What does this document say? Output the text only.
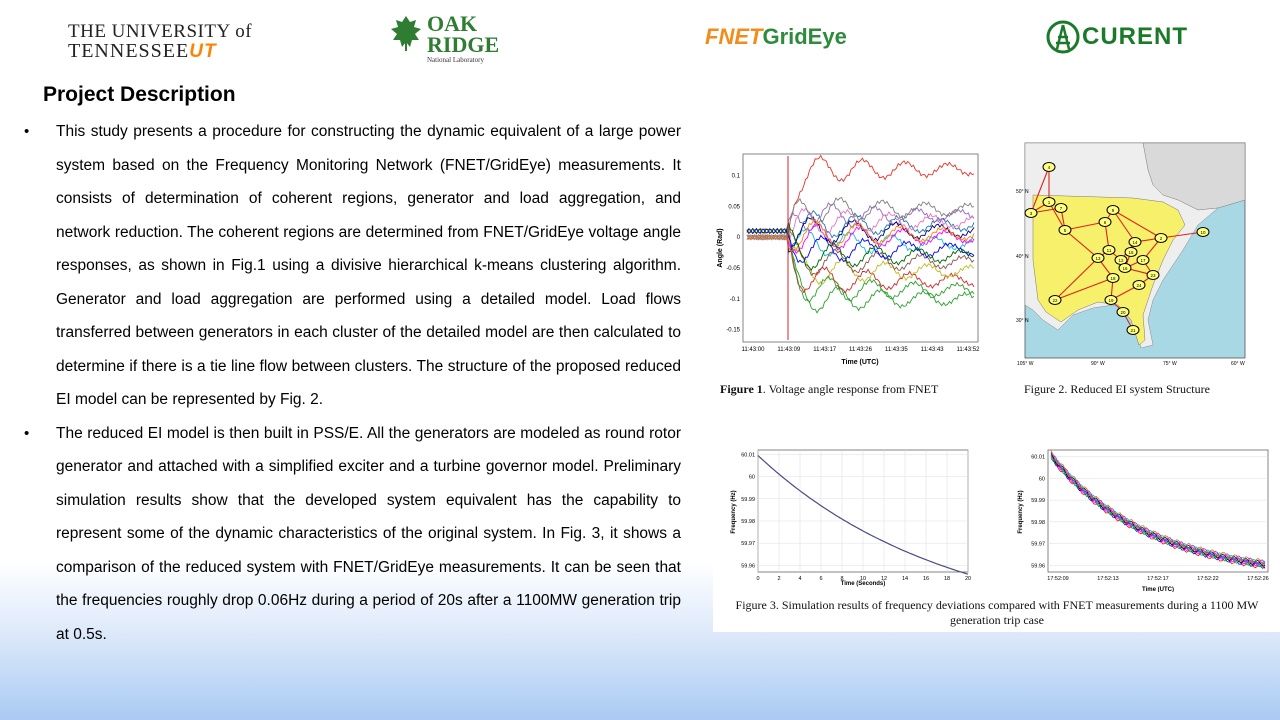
THE UNIVERSITY of
TENNESSEEUT
OAK
RIDGE
National Laboratory
FNETGridEye	CURENT
Project Description
•	This study presents a procedure for constructing the dynamic equivalent of a large power system based on the Frequency Monitoring Network (FNET/GridEye) measurements. It consists of determination of coherent regions, generator and load aggregation, and network reduction. The coherent regions are determined from FNET/GridEye voltage angle responses, as shown in Fig.1 using a divisive hierarchical k-means clustering algorithm. Generator and load aggregation are performed using a detailed model. Load flows transferred between generators in each cluster of the detailed model are then calculated to determine if there is a tie line flow between clusters. The structure of the proposed reduced EI model can be represented by Fig. 2.

•	The reduced EI model is then built in PSS/E. All the generators are modeled as round rotor generator and attached with a simplified exciter and a turbine governor model. Preliminary simulation results show that the developed system equivalent has the capability to represent some of the dynamic characteristics of the original system. In Fig. 3, it shows a comparison of the reduced system with FNET/GridEye measurements. It can be seen that the frequencies roughly drop 0.06Hz during a period of 20s after a 1100MW generation trip at 0.5s.

0.1
0.05
0
-0.05
-0.1
-0.15
11:43:00 11:43:09 11:43:17 11:43:26 11:43:35 11:43:43 11:43:52
Angle (Rad)
Time (UTC)
Figure 1. Voltage angle response from FNET
4
1
3
5
6
9
7
2
10
11
12
13
14
15
16
17
18
19
20
21
22
23
24
50° N
40° N
30° N
105° W	90° W	75° W	60° W
Figure 2. Reduced EI system Structure
60.01
60
59.99
59.98
59.97
59.96
0	2	4	6	8	10	12	14	16	18	20
Frequency (Hz)
Time (Seconds)
60.01
60
59.99
59.98
59.97
59.96
17:52:09	17:52:13	17:52:17	17:52:22	17:52:26
Frequency (Hz)
Time (UTC)
Figure 3. Simulation results of frequency deviations compared with FNET measurements during a 1100 MW
generation trip case
